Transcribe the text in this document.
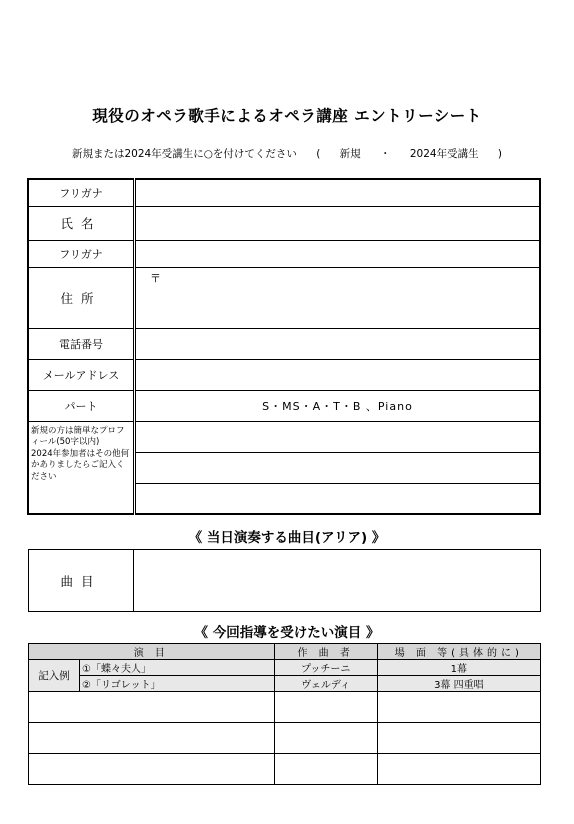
現役のオペラ歌手によるオペラ講座 エントリーシート
新規または2024年受講生に○を付けてください ( 新規 ・ 2024年受講生 )
フリガナ	
氏名	
フリガナ	
住所	〒

電話番号	
メールアドレス	
パート	S・MS・A・T・B 、Piano

新規の方は簡単なプロフィール(50字以内)
2024年参加者はその他何かありましたらご記入ください	

《 当日演奏する曲目(アリア) 》
曲目	
《 今回指導を受けたい演目 》
演 目		作 曲 者	場 面 等(具体的に)
記入例	①「蝶々夫人」	プッチーニ	1幕
	②「リゴレット」	ヴェルディ	3幕 四重唱
